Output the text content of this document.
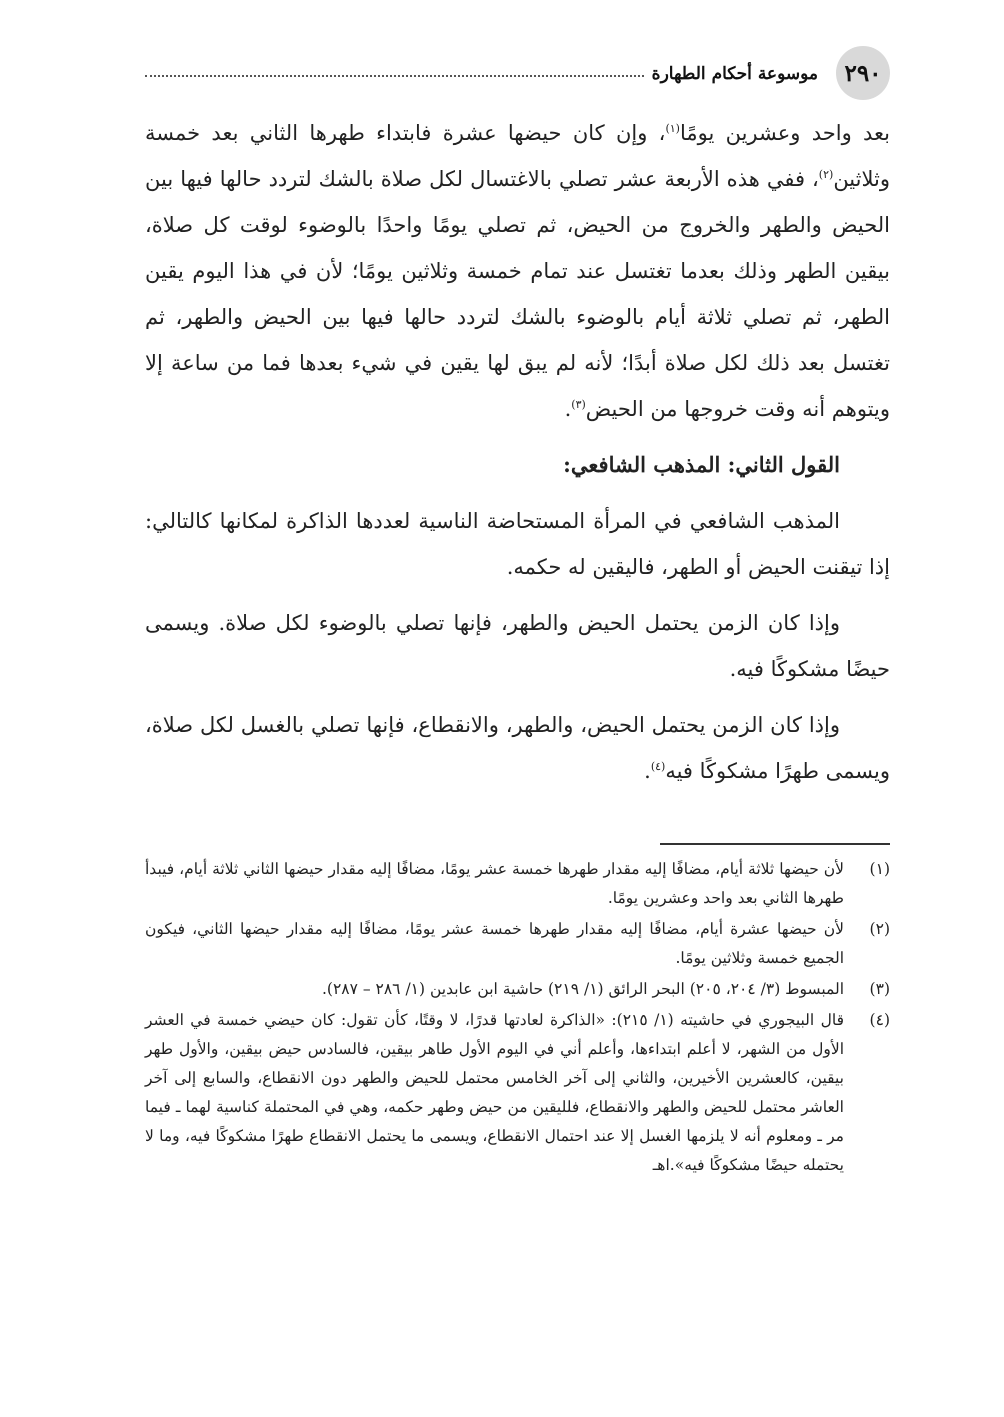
٢٩٠
موسوعة أحكام الطهارة

بعد واحد وعشرين يومًا$^{(١)}$، وإن كان حيضها عشرة فابتداء طهرها الثاني بعد خمسة وثلاثين$^{(٢)}$، ففي هذه الأربعة عشر تصلي بالاغتسال لكل صلاة بالشك لتردد حالها فيها بين الحيض والطهر والخروج من الحيض، ثم تصلي يومًا واحدًا بالوضوء لوقت كل صلاة، بيقين الطهر وذلك بعدما تغتسل عند تمام خمسة وثلاثين يومًا؛ لأن في هذا اليوم يقين الطهر، ثم تصلي ثلاثة أيام بالوضوء بالشك لتردد حالها فيها بين الحيض والطهر، ثم تغتسل بعد ذلك لكل صلاة أبدًا؛ لأنه لم يبق لها يقين في شيء بعدها فما من ساعة إلا ويتوهم أنه وقت خروجها من الحيض$^{(٣)}$.

القول الثاني: المذهب الشافعي:

المذهب الشافعي في المرأة المستحاضة الناسية لعددها الذاكرة لمكانها كالتالي: إذا تيقنت الحيض أو الطهر، فاليقين له حكمه.

وإذا كان الزمن يحتمل الحيض والطهر، فإنها تصلي بالوضوء لكل صلاة. ويسمى حيضًا مشكوكًا فيه.

وإذا كان الزمن يحتمل الحيض، والطهر، والانقطاع، فإنها تصلي بالغسل لكل صلاة، ويسمى طهرًا مشكوكًا فيه$^{(٤)}$.

(١)
لأن حيضها ثلاثة أيام، مضافًا إليه مقدار طهرها خمسة عشر يومًا، مضافًا إليه مقدار حيضها الثاني ثلاثة أيام، فيبدأ طهرها الثاني بعد واحد وعشرين يومًا.
(٢)
لأن حيضها عشرة أيام، مضافًا إليه مقدار طهرها خمسة عشر يومًا، مضافًا إليه مقدار حيضها الثاني، فيكون الجميع خمسة وثلاثين يومًا.
(٣)
المبسوط (٣/ ٢٠٤، ٢٠٥) البحر الرائق (١/ ٢١٩) حاشية ابن عابدين (١/ ٢٨٦ – ٢٨٧).
(٤)
قال البيجوري في حاشيته (١/ ٢١٥): «الذاكرة لعادتها قدرًا، لا وقتًا، كأن تقول: كان حيضي خمسة في العشر الأول من الشهر، لا أعلم ابتداءها، وأعلم أني في اليوم الأول طاهر بيقين، فالسادس حيض بيقين، والأول طهر بيقين، كالعشرين الأخيرين، والثاني إلى آخر الخامس محتمل للحيض والطهر دون الانقطاع، والسابع إلى آخر العاشر محتمل للحيض والطهر والانقطاع، فلليقين من حيض وطهر حكمه، وهي في المحتملة كناسية لهما ـ فيما مر ـ ومعلوم أنه لا يلزمها الغسل إلا عند احتمال الانقطاع، ويسمى ما يحتمل الانقطاع طهرًا مشكوكًا فيه، وما لا يحتمله حيضًا مشكوكًا فيه».اهـ
